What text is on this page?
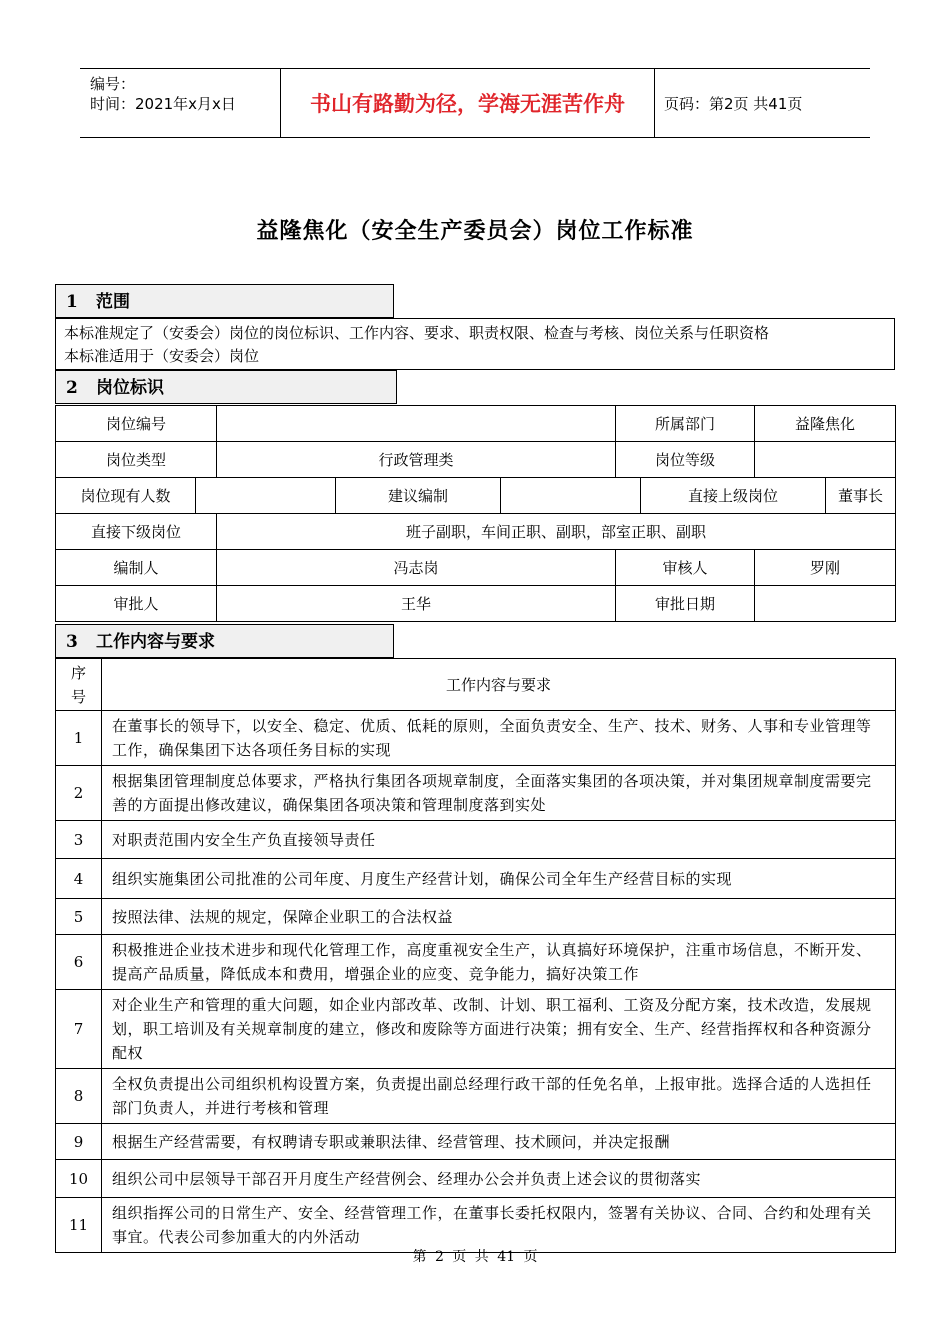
编号：
时间：2021年x月x日	书山有路勤为径，学海无涯苦作舟	页码：第2页 共41页
益隆焦化（安全生产委员会）岗位工作标准
1 范围
本标准规定了（安委会）岗位的岗位标识、工作内容、要求、职责权限、检查与考核、岗位关系与任职资格
本标准适用于（安委会）岗位
2 岗位标识
岗位编号					所属部门		益隆焦化	
岗位类型		行政管理类			岗位等级			
岗位现有人数			建议编制			直接上级岗位		董事长
直接下级岗位		班子副职，车间正职、副职，部室正职、副职						
编制人		冯志岗			审核人		罗刚	
审批人		王华			审批日期			
3 工作内容与要求
序号	工作内容与要求
1	在董事长的领导下，以安全、稳定、优质、低耗的原则，全面负责安全、生产、技术、财务、人事和专业管理等工作，确保集团下达各项任务目标的实现
2	根据集团管理制度总体要求，严格执行集团各项规章制度，全面落实集团的各项决策，并对集团规章制度需要完善的方面提出修改建议，确保集团各项决策和管理制度落到实处
3	对职责范围内安全生产负直接领导责任
4	组织实施集团公司批准的公司年度、月度生产经营计划，确保公司全年生产经营目标的实现
5	按照法律、法规的规定，保障企业职工的合法权益
6	积极推进企业技术进步和现代化管理工作，高度重视安全生产，认真搞好环境保护，注重市场信息，不断开发、提高产品质量，降低成本和费用，增强企业的应变、竞争能力，搞好决策工作
7	对企业生产和管理的重大问题，如企业内部改革、改制、计划、职工福利、工资及分配方案，技术改造，发展规划，职工培训及有关规章制度的建立，修改和废除等方面进行决策；拥有安全、生产、经营指挥权和各种资源分配权
8	全权负责提出公司组织机构设置方案，负责提出副总经理行政干部的任免名单，上报审批。选择合适的人选担任部门负责人，并进行考核和管理
9	根据生产经营需要，有权聘请专职或兼职法律、经营管理、技术顾问，并决定报酬
10	组织公司中层领导干部召开月度生产经营例会、经理办公会并负责上述会议的贯彻落实
11	组织指挥公司的日常生产、安全、经营管理工作，在董事长委托权限内，签署有关协议、合同、合约和处理有关事宜。代表公司参加重大的内外活动
第 2 页 共 41 页
